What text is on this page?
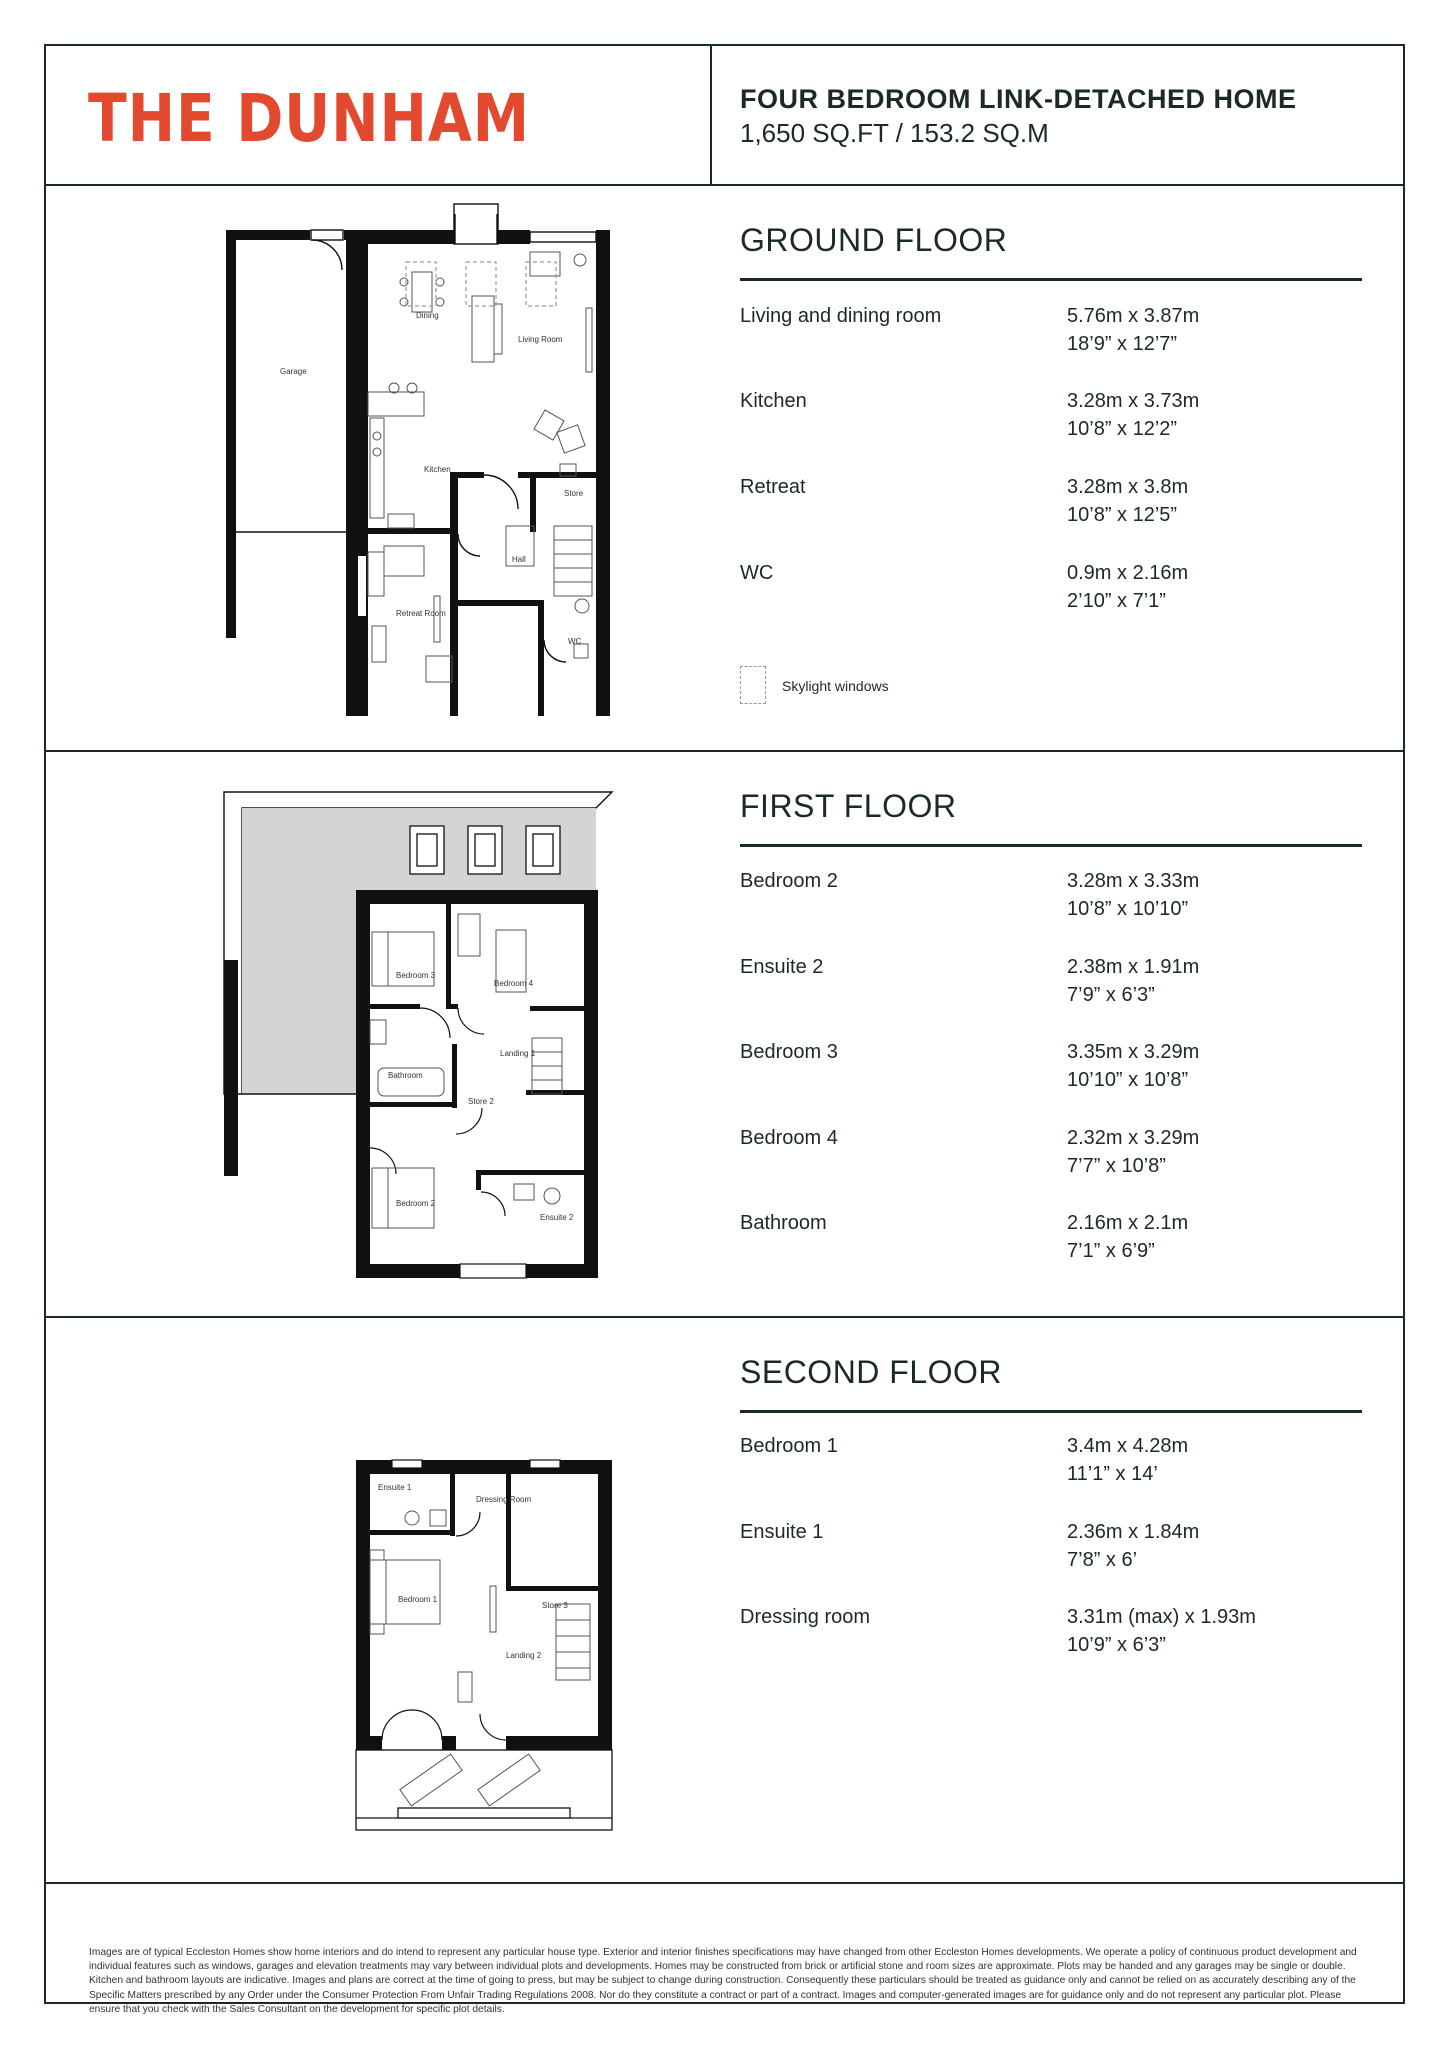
THE DUNHAM	FOUR BEDROOM LINK-DETACHED HOME
1,650 SQ.FT / 153.2 SQ.M
GROUND FLOOR
Living and dining room	5.76m x 3.87m
18’9” x 12’7”
Kitchen	3.28m x 3.73m
10’8” x 12’2”
Retreat	3.28m x 3.8m
10’8” x 12’5”
WC	0.9m x 2.16m
2’10” x 7’1”
Skylight windows
FIRST FLOOR
Bedroom 2	3.28m x 3.33m
10’8” x 10’10”
Ensuite 2	2.38m x 1.91m
7’9” x 6’3”
Bedroom 3	3.35m x 3.29m
10’10” x 10’8”
Bedroom 4	2.32m x 3.29m
7’7” x 10’8”
Bathroom	2.16m x 2.1m
7’1” x 6’9”
SECOND FLOOR
Bedroom 1	3.4m x 4.28m
11’1” x 14’
Ensuite 1	2.36m x 1.84m
7’8” x 6’
Dressing room	3.31m (max) x 1.93m
10’9” x 6’3”
Images are of typical Eccleston Homes show home interiors and do intend to represent any particular house type. Exterior and interior finishes specifications may have changed from other Eccleston Homes developments. We operate a policy of continuous product development and individual features such as windows, garages and elevation treatments may vary between individual plots and developments. Homes may be constructed from brick or artificial stone and room sizes are approximate. Plots may be handed and any garages may be single or double. Kitchen and bathroom layouts are indicative. Images and plans are correct at the time of going to press, but may be subject to change during construction. Consequently these particulars should be treated as guidance only and cannot be relied on as accurately describing any of the Specific Matters prescribed by any Order under the Consumer Protection From Unfair Trading Regulations 2008. Nor do they constitute a contract or part of a contract. Images and computer-generated images are for guidance only and do not represent any particular plot. Please ensure that you check with the Sales Consultant on the development for specific plot details.
Garage
Dining
Living Room
Kitchen
Store
Hall
Retreat Room
WC
Bedroom 3
Bedroom 4
Landing 1
Bathroom
Store 2
Bedroom 2
Ensuite 2
Ensuite 1
Dressing Room
Store 3
Bedroom 1
Landing 2
